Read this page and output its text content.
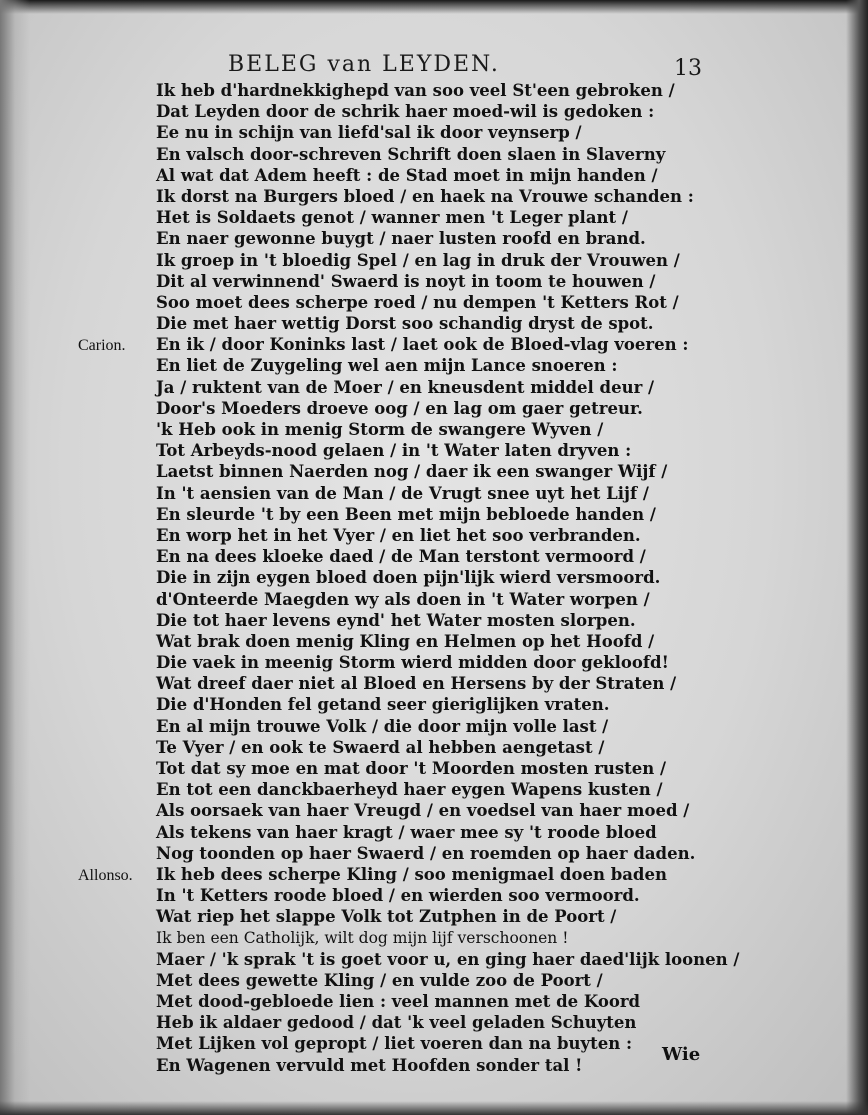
BELEG van LEYDEN.	13
Ik heb d'hardnekkighepd van soo veel St'een gebroken /
Dat Leyden door de schrik haer moed-wil is gedoken :
Ee nu in schijn van liefd'sal ik door veynserp /
En valsch door-schreven Schrift doen slaen in Slaverny
Al wat dat Adem heeft : de Stad moet in mijn handen /
Ik dorst na Burgers bloed / en haek na Vrouwe schanden :
Het is Soldaets genot / wanner men 't Leger plant /
En naer gewonne buygt / naer lusten roofd en brand.
Ik groep in 't bloedig Spel / en lag in druk der Vrouwen /
Dit al verwinnend' Swaerd is noyt in toom te houwen /
Soo moet dees scherpe roed / nu dempen 't Ketters Rot /
Die met haer wettig Dorst soo schandig dryst de spot.
Carion. En ik / door Koninks last / laet ook de Bloed-vlag voeren :
En liet de Zuygeling wel aen mijn Lance snoeren :
Ja / ruktent van de Moer / en kneusdent middel deur /
Door's Moeders droeve oog / en lag om gaer getreur.
'k Heb ook in menig Storm de swangere Wyven /
Tot Arbeyds-nood gelaen / in 't Water laten dryven :
Laetst binnen Naerden nog / daer ik een swanger Wijf /
In 't aensien van de Man / de Vrugt snee uyt het Lijf /
En sleurde 't by een Been met mijn bebloede handen /
En worp het in het Vyer / en liet het soo verbranden.
En na dees kloeke daed / de Man terstont vermoord /
Die in zijn eygen bloed doen pijn'lijk wierd versmoord.
d'Onteerde Maegden wy als doen in 't Water worpen /
Die tot haer levens eynd' het Water mosten slorpen.
Wat brak doen menig Kling en Helmen op het Hoofd /
Die vaek in meenig Storm wierd midden door gekloofd!
Wat dreef daer niet al Bloed en Hersens by der Straten /
Die d'Honden fel getand seer gieriglijken vraten.
En al mijn trouwe Volk / die door mijn volle last /
Te Vyer / en ook te Swaerd al hebben aengetast /
Tot dat sy moe en mat door 't Moorden mosten rusten /
En tot een danckbaerheyd haer eygen Wapens kusten /
Als oorsaek van haer Vreugd / en voedsel van haer moed /
Als tekens van haer kragt / waer mee sy 't roode bloed
Nog toonden op haer Swaerd / en roemden op haer daden.
Allonso. Ik heb dees scherpe Kling / soo menigmael doen baden
In 't Ketters roode bloed / en wierden soo vermoord.
Wat riep het slappe Volk tot Zutphen in de Poort /
Ik ben een Catholijk, wilt dog mijn lijf verschoonen !
Maer / 'k sprak 't is goet voor u, en ging haer daed'lijk loonen /
Met dees gewette Kling / en vulde zoo de Poort /
Met dood-gebloede lien : veel mannen met de Koord
Heb ik aldaer gedood / dat 'k veel geladen Schuyten
Met Lijken vol gepropt / liet voeren dan na buyten :
En Wagenen vervuld met Hoofden sonder tal !
Wie
